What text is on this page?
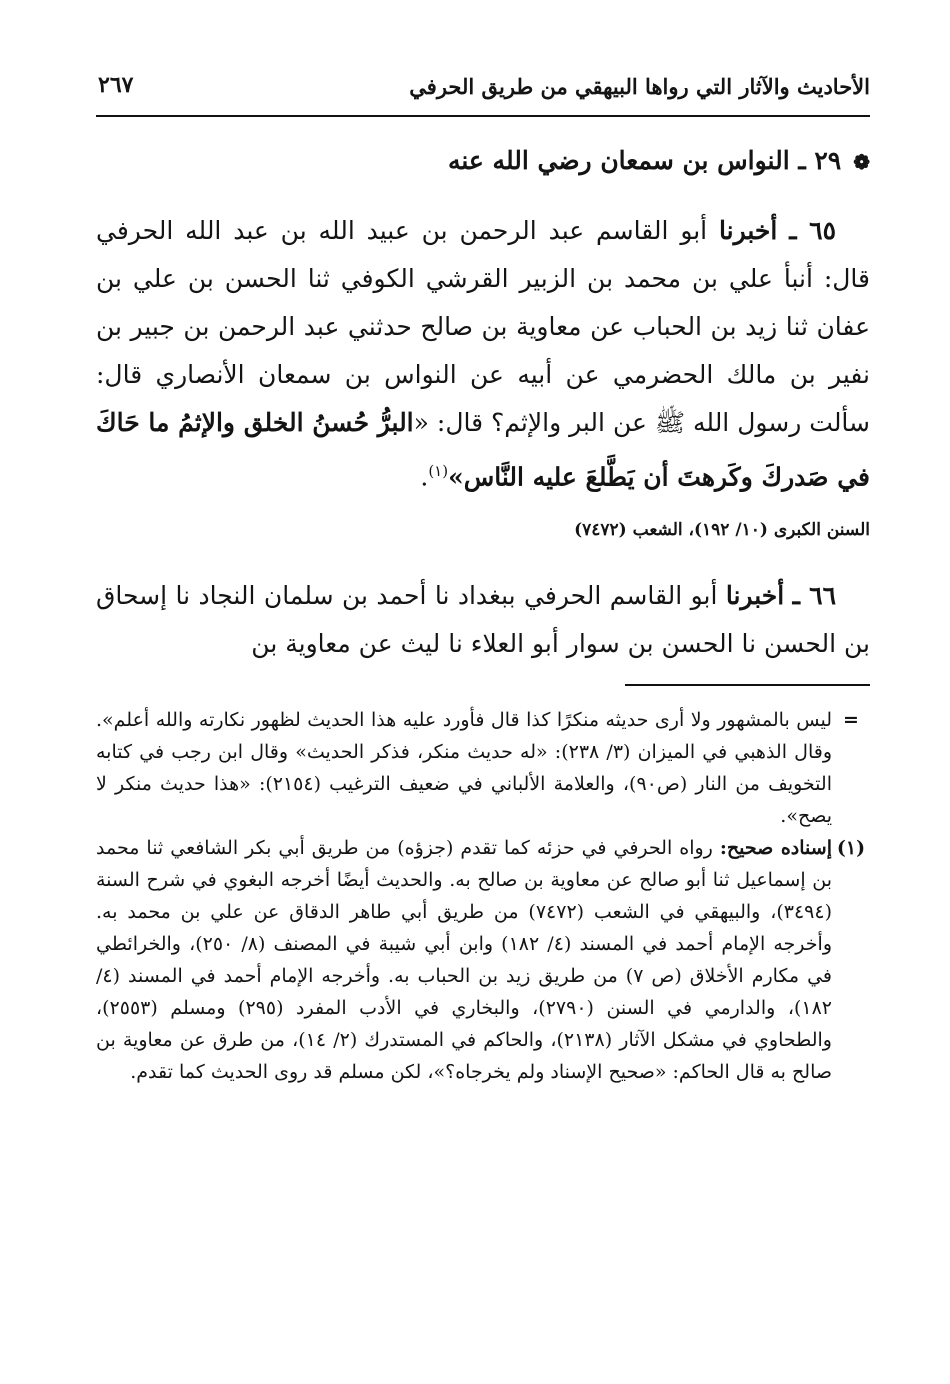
الأحاديث والآثار التي رواها البيهقي من طريق الحرفي
٢٦٧
❁٢٩ ـ النواس بن سمعان رضي الله عنه
٦٥ ـ أخبرنا أبو القاسم عبد الرحمن بن عبيد الله بن عبد الله الحرفي قال: أنبأ علي بن محمد بن الزبير القرشي الكوفي ثنا الحسن بن علي بن عفان ثنا زيد بن الحباب عن معاوية بن صالح حدثني عبد الرحمن بن جبير بن نفير بن مالك الحضرمي عن أبيه عن النواس بن سمعان الأنصاري قال: سألت رسول الله ﷺ عن البر والإثم؟ قال: «البرُّ حُسنُ الخلق والإثمُ ما حَاكَ في صَدركَ وكَرهتَ أن يَطَّلعَ عليه النَّاس»$^{(١)}$.
السنن الكبرى (١٠/ ١٩٢)، الشعب (٧٤٧٢)
٦٦ ـ أخبرنا أبو القاسم الحرفي ببغداد نا أحمد بن سلمان النجاد نا إسحاق بن الحسن نا الحسن بن سوار أبو العلاء نا ليث عن معاوية بن
=
ليس بالمشهور ولا أرى حديثه منكرًا كذا قال فأورد عليه هذا الحديث لظهور نكارته والله أعلم». وقال الذهبي في الميزان (٣/ ٢٣٨): «له حديث منكر، فذكر الحديث» وقال ابن رجب في كتابه التخويف من النار (ص٩٠)، والعلامة الألباني في ضعيف الترغيب (٢١٥٤): «هذا حديث منكر لا يصح».
(١)
إسناده صحيح: رواه الحرفي في حزئه كما تقدم (جزؤه) من طريق أبي بكر الشافعي ثنا محمد بن إسماعيل ثنا أبو صالح عن معاوية بن صالح به. والحديث أيضًا أخرجه البغوي في شرح السنة (٣٤٩٤)، والبيهقي في الشعب (٧٤٧٢) من طريق أبي طاهر الدقاق عن علي بن محمد به. وأخرجه الإمام أحمد في المسند (٤/ ١٨٢) وابن أبي شيبة في المصنف (٨/ ٢٥٠)، والخرائطي في مكارم الأخلاق (ص ٧) من طريق زيد بن الحباب به. وأخرجه الإمام أحمد في المسند (٤/ ١٨٢)، والدارمي في السنن (٢٧٩٠)، والبخاري في الأدب المفرد (٢٩٥) ومسلم (٢٥٥٣)، والطحاوي في مشكل الآثار (٢١٣٨)، والحاكم في المستدرك (٢/ ١٤)، من طرق عن معاوية بن صالح به قال الحاكم: «صحيح الإسناد ولم يخرجاه؟»، لكن مسلم قد روى الحديث كما تقدم.
